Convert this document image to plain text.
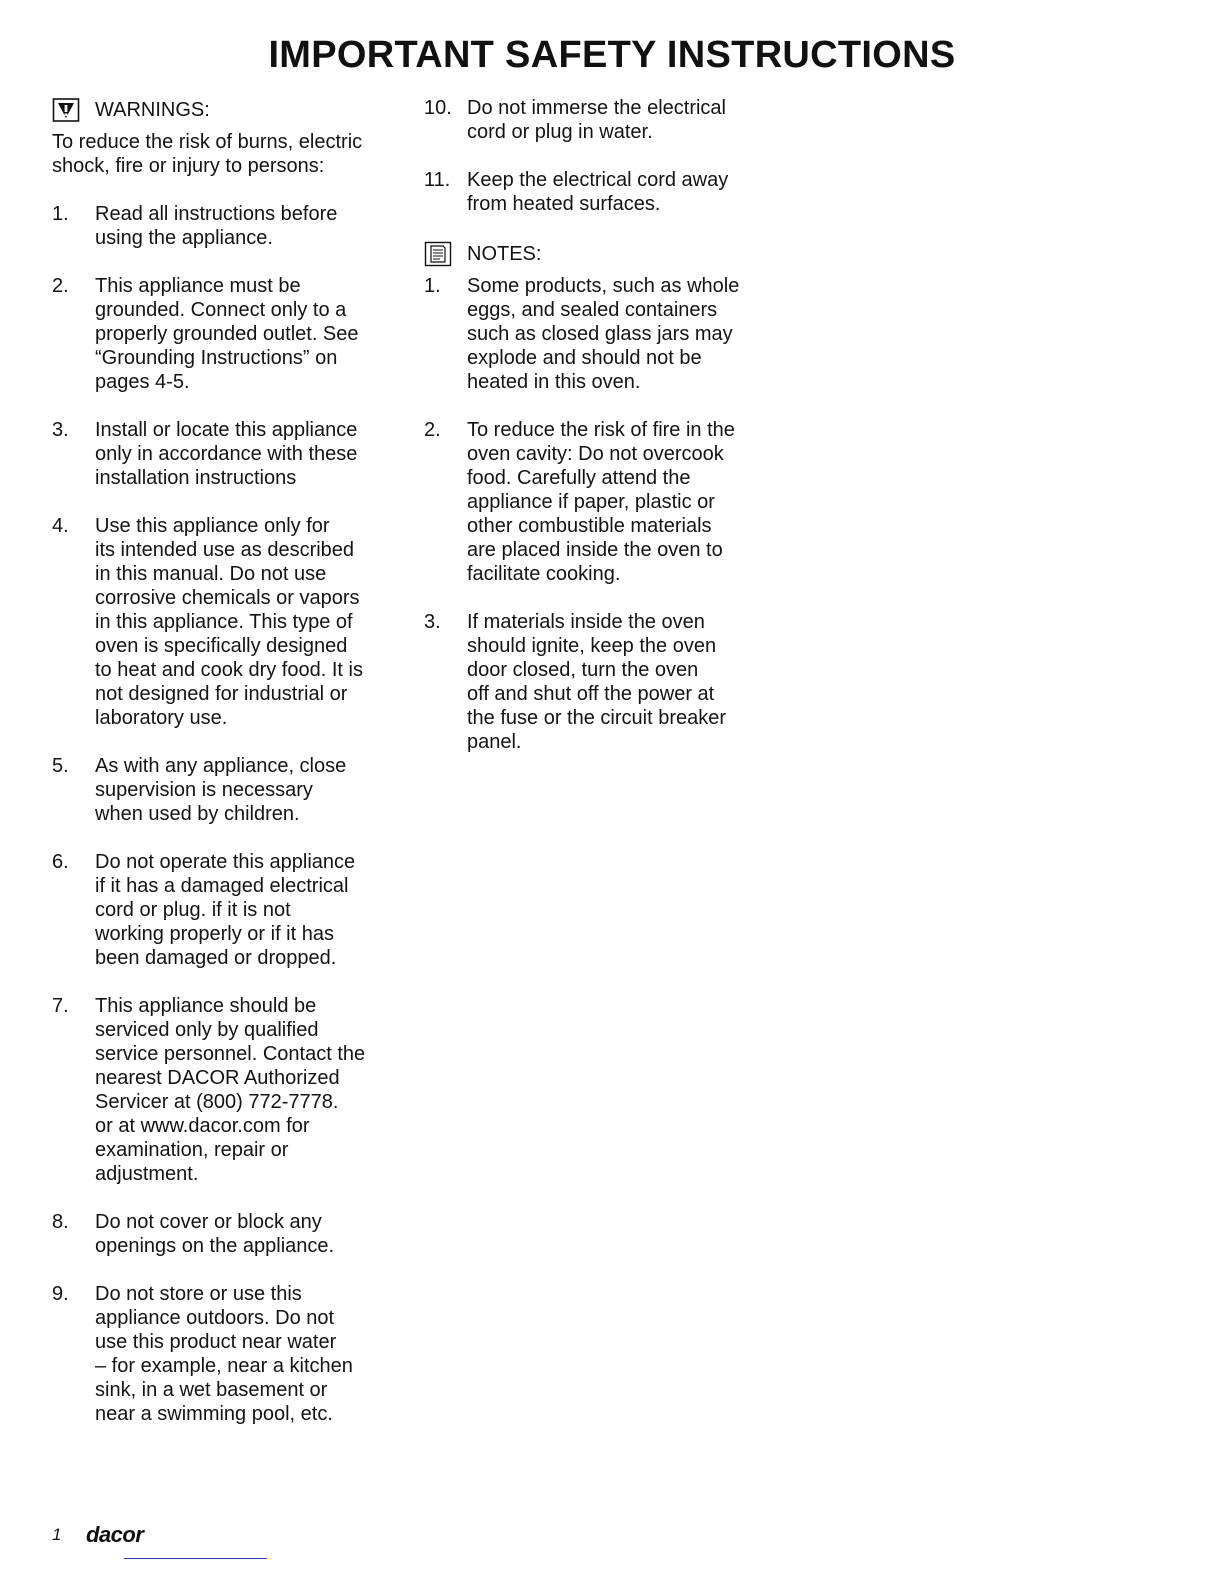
IMPORTANT SAFETY INSTRUCTIONS
WARNINGS:

To reduce the risk of burns, electric shock, fire or injury to persons:

1.	Read all instructions before
using the appliance.
2.	This appliance must be
grounded. Connect only to a
properly grounded outlet. See
“Grounding Instructions” on
pages 4-5.
3.	Install or locate this appliance
only in accordance with these
installation instructions
4.	Use this appliance only for
its intended use as described
in this manual. Do not use
corrosive chemicals or vapors
in this appliance. This type of
oven is specifically designed
to heat and cook dry food. It is
not designed for industrial or
laboratory use.
5.	As with any appliance, close
supervision is necessary
when used by children.
6.	Do not operate this appliance
if it has a damaged electrical
cord or plug. if it is not
working properly or if it has
been damaged or dropped.
7.	This appliance should be
serviced only by qualified
service personnel. Contact the
nearest DACOR Authorized
Servicer at (800) 772-7778.
or at www.dacor.com for
examination, repair or
adjustment.
8.	Do not cover or block any
openings on the appliance.
9.	Do not store or use this
appliance outdoors. Do not
use this product near water
– for example, near a kitchen
sink, in a wet basement or
near a swimming pool, etc.
10. Do not immerse the electrical
cord or plug in water.
11. Keep the electrical cord away
from heated surfaces.
NOTES:
1.	Some products, such as whole
eggs, and sealed containers
such as closed glass jars may
explode and should not be
heated in this oven.
2.	To reduce the risk of fire in the
oven cavity: Do not overcook
food. Carefully attend the
appliance if paper, plastic or
other combustible materials
are placed inside the oven to
facilitate cooking.
3.	If materials inside the oven
should ignite, keep the oven
door closed, turn the oven
off and shut off the power at
the fuse or the circuit breaker
panel.
1	dacor
